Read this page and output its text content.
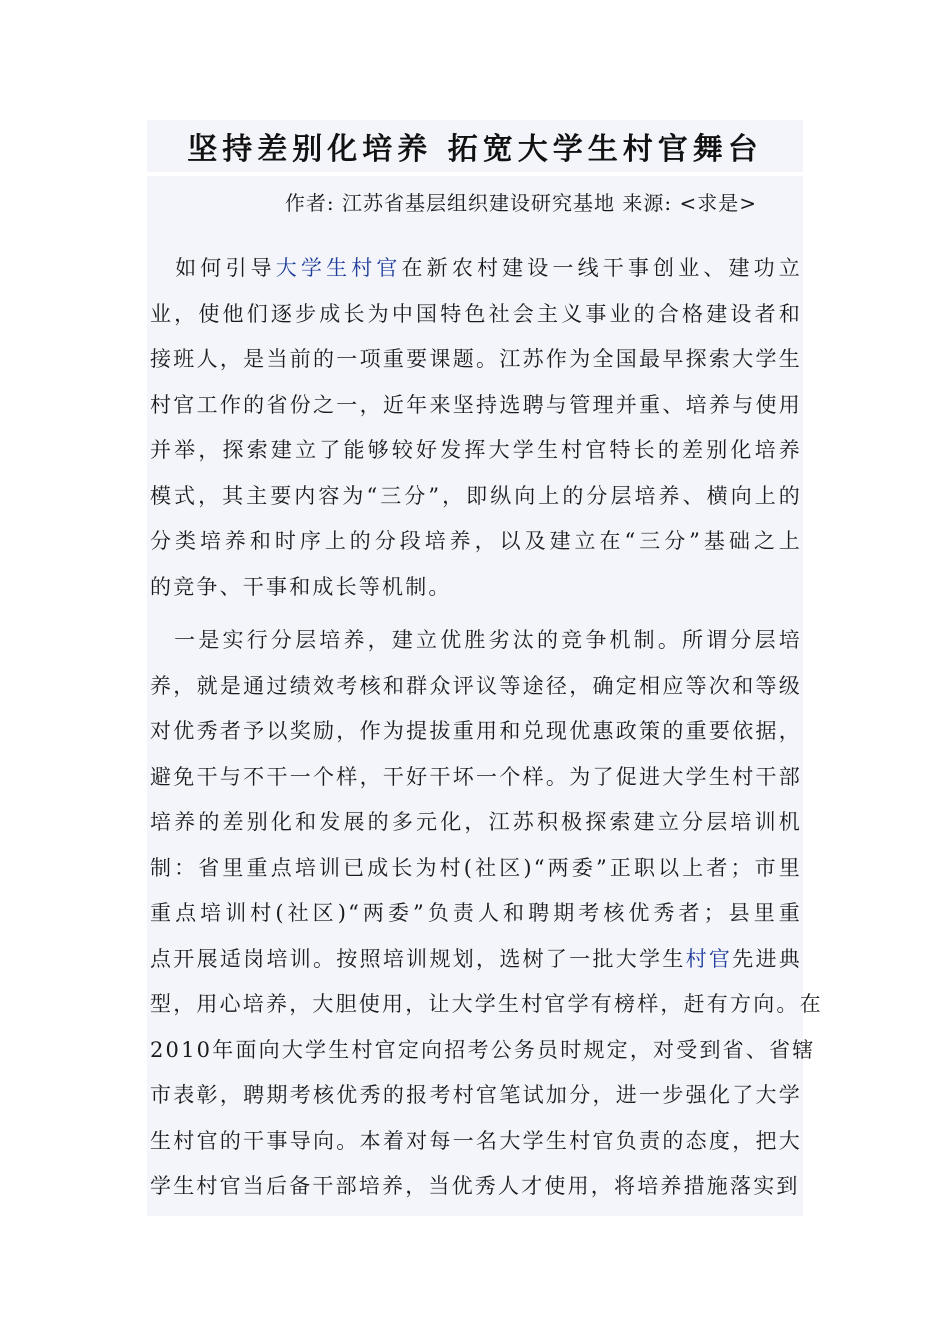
坚持差别化培养 拓宽大学生村官舞台
作者: 江苏省基层组织建设研究基地 来源: <求是>
　如何引导大学生村官在新农村建设一线干事创业、建功立
业，使他们逐步成长为中国特色社会主义事业的合格建设者和
接班人，是当前的一项重要课题。江苏作为全国最早探索大学生
村官工作的省份之一，近年来坚持选聘与管理并重、培养与使用
并举，探索建立了能够较好发挥大学生村官特长的差别化培养
模式，其主要内容为“三分”，即纵向上的分层培养、横向上的
分类培养和时序上的分段培养，以及建立在“三分”基础之上
的竞争、干事和成长等机制。
　一是实行分层培养，建立优胜劣汰的竞争机制。所谓分层培
养，就是通过绩效考核和群众评议等途径，确定相应等次和等级
对优秀者予以奖励，作为提拔重用和兑现优惠政策的重要依据，
避免干与不干一个样，干好干坏一个样。为了促进大学生村干部
培养的差别化和发展的多元化，江苏积极探索建立分层培训机
制：省里重点培训已成长为村(社区)“两委”正职以上者；市里
重点培训村(社区)“两委”负责人和聘期考核优秀者；县里重
点开展适岗培训。按照培训规划，选树了一批大学生村官先进典
型，用心培养，大胆使用，让大学生村官学有榜样，赶有方向。在
2010年面向大学生村官定向招考公务员时规定，对受到省、省辖
市表彰，聘期考核优秀的报考村官笔试加分，进一步强化了大学
生村官的干事导向。本着对每一名大学生村官负责的态度，把大
学生村官当后备干部培养，当优秀人才使用，将培养措施落实到
